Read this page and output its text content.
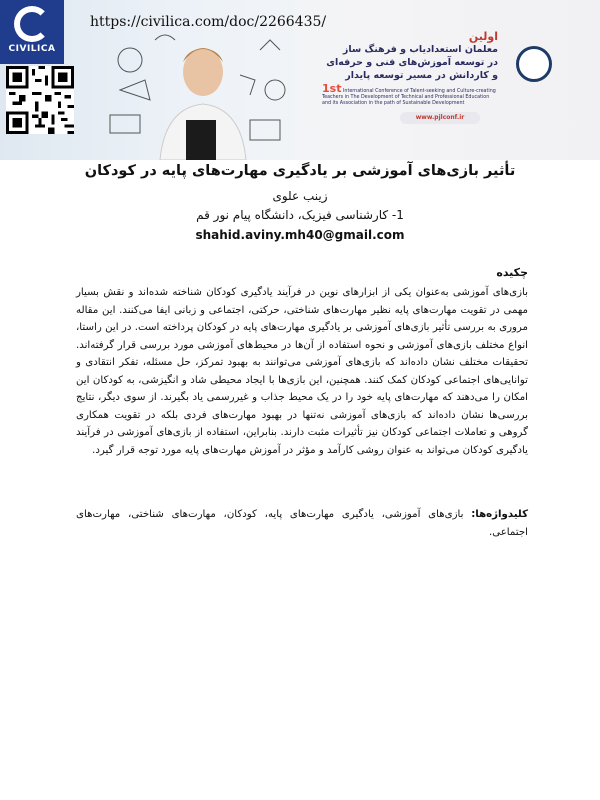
CIVILICA
https://civilica.com/doc/2266435/
اولین
معلمان استعدادیاب و فرهنگ ساز
در توسعه آموزش‌های فنی و حرفه‌ای
و کاردانش در مسیر توسعه پایدار
1st International Conference of Talent-seeking and Culture-creating Teachers in The Development of Technical and Professional Education and its Association in the path of Sustainable Development
www.pjlconf.ir
تأثیر بازی‌های آموزشی بر یادگیری مهارت‌های پایه در کودکان
زینب علوی
1- کارشناسی فیزیک، دانشگاه پیام نور قم
shahid.aviny.mh40@gmail.com
چکیده
بازی‌های آموزشی به‌عنوان یکی از ابزارهای نوین در فرآیند یادگیری کودکان شناخته شده‌اند و نقش بسیار مهمی در تقویت مهارت‌های پایه نظیر مهارت‌های شناختی، حرکتی، اجتماعی و زبانی ایفا می‌کنند. این مقاله مروری به بررسی تأثیر بازی‌های آموزشی بر یادگیری مهارت‌های پایه در کودکان پرداخته است. در این راستا، انواع مختلف بازی‌های آموزشی و نحوه استفاده از آن‌ها در محیط‌های آموزشی مورد بررسی قرار گرفته‌اند. تحقیقات مختلف نشان داده‌اند که بازی‌های آموزشی می‌توانند به بهبود تمرکز، حل مسئله، تفکر انتقادی و توانایی‌های اجتماعی کودکان کمک کنند. همچنین، این بازی‌ها با ایجاد محیطی شاد و انگیزشی، به کودکان این امکان را می‌دهند که مهارت‌های پایه خود را در یک محیط جذاب و غیررسمی یاد بگیرند. از سوی دیگر، نتایج بررسی‌ها نشان داده‌اند که بازی‌های آموزشی نه‌تنها در بهبود مهارت‌های فردی بلکه در تقویت همکاری گروهی و تعاملات اجتماعی کودکان نیز تأثیرات مثبت دارند. بنابراین، استفاده از بازی‌های آموزشی در فرآیند یادگیری کودکان می‌تواند به عنوان روشی کارآمد و مؤثر در آموزش مهارت‌های پایه مورد توجه قرار گیرد.
کلیدواژه‌ها: بازی‌های آموزشی، یادگیری مهارت‌های پایه، کودکان، مهارت‌های شناختی، مهارت‌های اجتماعی.
